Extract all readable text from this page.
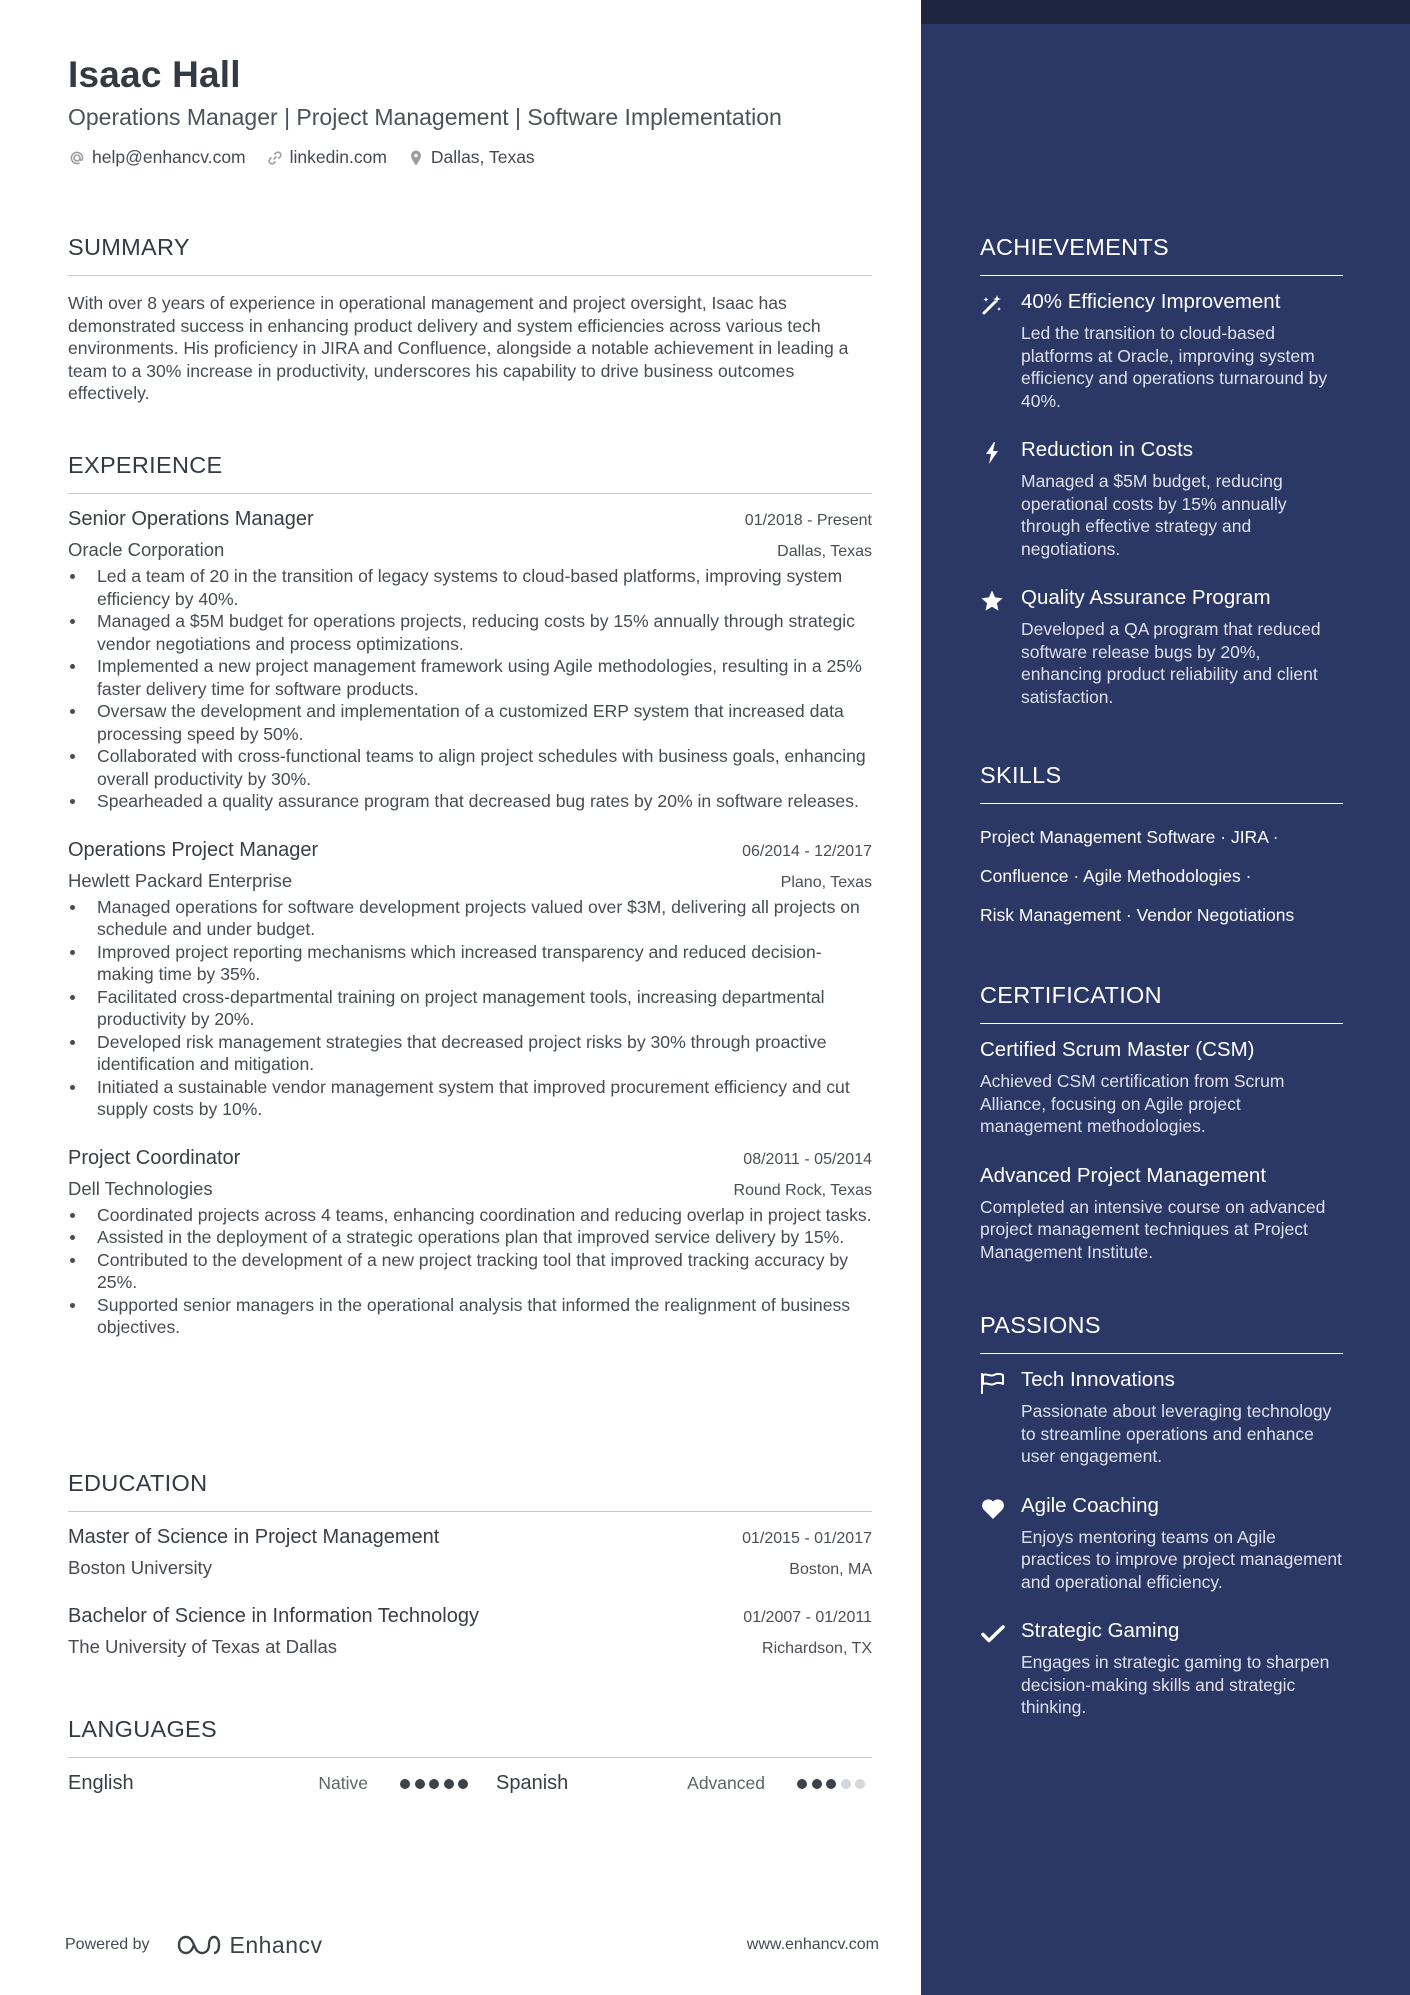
Isaac Hall
Operations Manager | Project Management | Software Implementation
help@enhancv.com	linkedin.com	Dallas, Texas
SUMMARY
With over 8 years of experience in operational management and project oversight, Isaac has demonstrated success in enhancing product delivery and system efficiencies across various tech environments. His proficiency in JIRA and Confluence, alongside a notable achievement in leading a team to a 30% increase in productivity, underscores his capability to drive business outcomes effectively.
EXPERIENCE
Senior Operations Manager	01/2018 - Present
Oracle Corporation	Dallas, Texas
Led a team of 20 in the transition of legacy systems to cloud-based platforms, improving system efficiency by 40%.
Managed a $5M budget for operations projects, reducing costs by 15% annually through strategic vendor negotiations and process optimizations.
Implemented a new project management framework using Agile methodologies, resulting in a 25% faster delivery time for software products.
Oversaw the development and implementation of a customized ERP system that increased data processing speed by 50%.
Collaborated with cross-functional teams to align project schedules with business goals, enhancing overall productivity by 30%.
Spearheaded a quality assurance program that decreased bug rates by 20% in software releases.
Operations Project Manager	06/2014 - 12/2017
Hewlett Packard Enterprise	Plano, Texas
Managed operations for software development projects valued over $3M, delivering all projects on schedule and under budget.
Improved project reporting mechanisms which increased transparency and reduced decision-making time by 35%.
Facilitated cross-departmental training on project management tools, increasing departmental productivity by 20%.
Developed risk management strategies that decreased project risks by 30% through proactive identification and mitigation.
Initiated a sustainable vendor management system that improved procurement efficiency and cut supply costs by 10%.
Project Coordinator	08/2011 - 05/2014
Dell Technologies	Round Rock, Texas
Coordinated projects across 4 teams, enhancing coordination and reducing overlap in project tasks.
Assisted in the deployment of a strategic operations plan that improved service delivery by 15%.
Contributed to the development of a new project tracking tool that improved tracking accuracy by 25%.
Supported senior managers in the operational analysis that informed the realignment of business objectives.
EDUCATION
Master of Science in Project Management	01/2015 - 01/2017
Boston University	Boston, MA
Bachelor of Science in Information Technology	01/2007 - 01/2011
The University of Texas at Dallas	Richardson, TX
LANGUAGES
English	Native	Spanish	Advanced
Powered by	Enhancv	www.enhancv.com
ACHIEVEMENTS
40% Efficiency Improvement
Led the transition to cloud-based platforms at Oracle, improving system efficiency and operations turnaround by 40%.
Reduction in Costs
Managed a $5M budget, reducing operational costs by 15% annually through effective strategy and negotiations.
Quality Assurance Program
Developed a QA program that reduced software release bugs by 20%, enhancing product reliability and client satisfaction.
SKILLS
Project Management Software · JIRA ·
Confluence · Agile Methodologies ·
Risk Management · Vendor Negotiations
CERTIFICATION
Certified Scrum Master (CSM)
Achieved CSM certification from Scrum Alliance, focusing on Agile project management methodologies.
Advanced Project Management
Completed an intensive course on advanced project management techniques at Project Management Institute.
PASSIONS
Tech Innovations
Passionate about leveraging technology to streamline operations and enhance user engagement.
Agile Coaching
Enjoys mentoring teams on Agile practices to improve project management and operational efficiency.
Strategic Gaming
Engages in strategic gaming to sharpen decision-making skills and strategic thinking.
